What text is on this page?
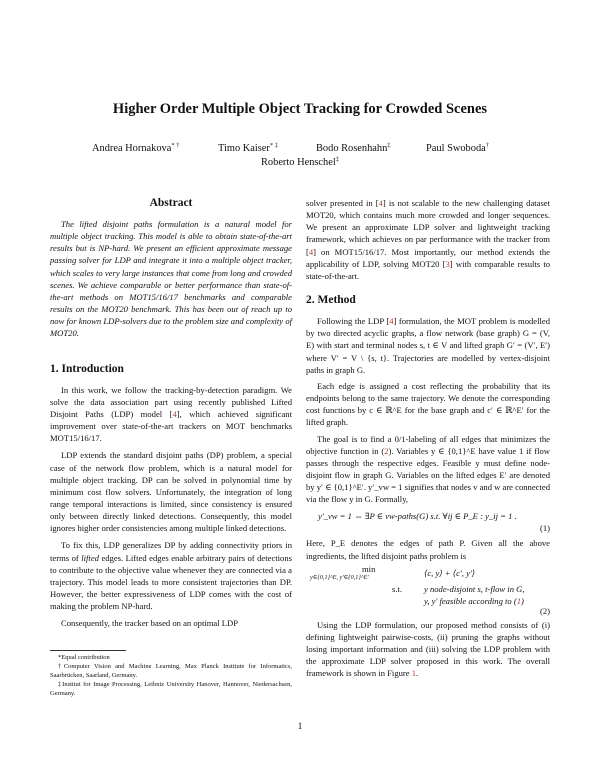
Higher Order Multiple Object Tracking for Crowded Scenes
Andrea Hornakova* †	Timo Kaiser* ‡	Bodo Rosenhahn‡	Paul Swoboda†
Roberto Henschel‡
Abstract

The lifted disjoint paths formulation is a natural model for multiple object tracking. This model is able to obtain state-of-the-art results but is NP-hard. We present an efficient approximate message passing solver for LDP and integrate it into a multiple object tracker, which scales to very large instances that come from long and crowded scenes. We achieve comparable or better performance than state-of-the-art methods on MOT15/16/17 benchmarks and comparable results on the MOT20 benchmark. This has been out of reach up to now for known LDP-solvers due to the problem size and complexity of MOT20.

1. Introduction

In this work, we follow the tracking-by-detection paradigm. We solve the data association part using recently published Lifted Disjoint Paths (LDP) model [4], which achieved significant improvement over state-of-the-art trackers on MOT benchmarks MOT15/16/17.

LDP extends the standard disjoint paths (DP) problem, a special case of the network flow problem, which is a natural model for multiple object tracking. DP can be solved in polynomial time by minimum cost flow solvers. Unfortunately, the integration of long range temporal interactions is limited, since consistency is ensured only between directly linked detections. Consequently, this model ignores higher order consistencies among multiple linked detections.

To fix this, LDP generalizes DP by adding connectivity priors in terms of lifted edges. Lifted edges enable arbitrary pairs of detections to contribute to the objective value whenever they are connected via a trajectory. This model leads to more consistent trajectories than DP. However, the better expressiveness of LDP comes with the cost of making the problem NP-hard.

Consequently, the tracker based on an optimal LDP

*Equal contribution
†Computer Vision and Machine Learning, Max Planck Institute for Informatics, Saarbrücken, Saarland, Germany.
‡Institut for Image Processing, Leibniz University Hanover, Hannover, Niedersachsen, Germany.

solver presented in [4] is not scalable to the new challenging dataset MOT20, which contains much more crowded and longer sequences. We present an approximate LDP solver and lightweight tracking framework, which achieves on par performance with the tracker from [4] on MOT15/16/17. Most importantly, our method extends the applicability of LDP, solving MOT20 [3] with comparable results to state-of-the-art.

2. Method

Following the LDP [4] formulation, the MOT problem is modelled by two directed acyclic graphs, a flow network (base graph) G = (V, E) with start and terminal nodes s, t ∈ V and lifted graph G′ = (V′, E′) where V′ = V \ {s, t}. Trajectories are modelled by vertex-disjoint paths in graph G.

Each edge is assigned a cost reflecting the probability that its endpoints belong to the same trajectory. We denote the corresponding cost functions by c ∈ ℝ^E for the base graph and c′ ∈ ℝ^E′ for the lifted graph.

The goal is to find a 0/1-labeling of all edges that minimizes the objective function in (2). Variables y ∈ {0,1}^E have value 1 if flow passes through the respective edges. Feasible y must define node-disjoint flow in graph G. Variables on the lifted edges E′ are denoted by y′ ∈ {0,1}^E′. y′_vw = 1 signifies that nodes v and w are connected via the flow y in G. Formally,

y′_vw = 1 ⇔ ∃P ∈ vw-paths(G) s.t. ∀ij ∈ P_E : y_ij = 1 .
(1)

Here, P_E denotes the edges of path P. Given all the above ingredients, the lifted disjoint paths problem is

min
y∈{0,1}^E, y′∈{0,1}^E′	⟨c, y⟩ + ⟨c′, y′⟩
s.t.	y node-disjoint s, t-flow in G,
y, y′ feasible according to (1)
(2)

Using the LDP formulation, our proposed method consists of (i) defining lightweight pairwise-costs, (ii) pruning the graphs without losing important information and (iii) solving the LDP problem with the approximate LDP solver proposed in this work. The overall framework is shown in Figure 1.

1
